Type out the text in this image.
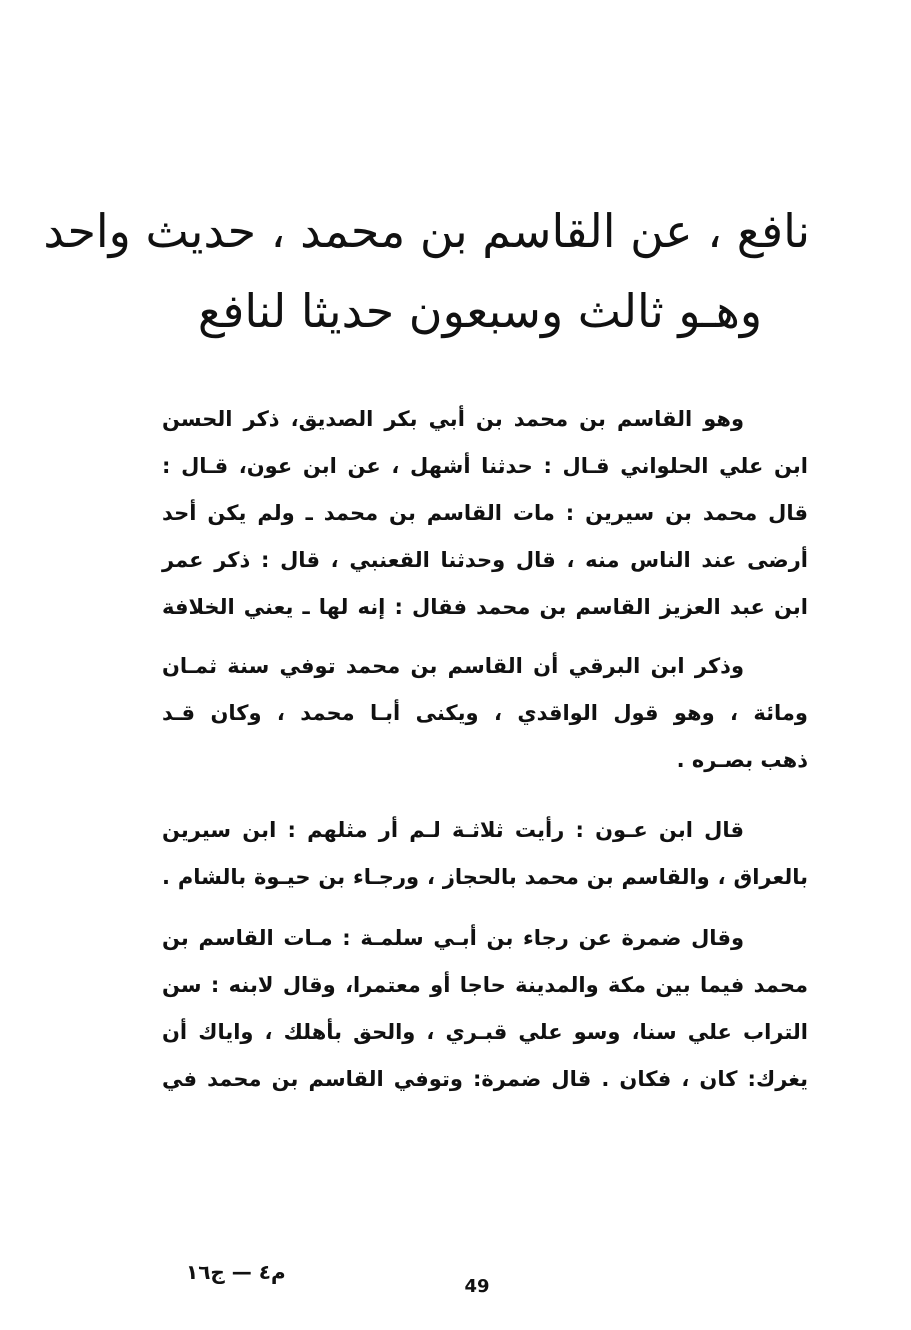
نافع ، عن القاسم بن محمد ، حديث واحد
وهـو ثالث وسبعون حديثا لنافع
وهو القاسم بن محمد بن أبي بكر الصديق، ذكر الحسن
ابن علي الحلواني قـال : حدثنا أشهل ، عن ابن عون، قـال :
قال محمد بن سيرين : مات القاسم بن محمد ـ ولم يكن أحد
أرضى عند الناس منه ، قال وحدثنا القعنبي ، قال : ذكر عمر
ابن عبد العزيز القاسم بن محمد فقال : إنه لها ـ يعني الخلافة
وذكر ابن البرقي أن القاسم بن محمد توفي سنة ثمـان
ومائة ، وهو قول الواقدي ، ويكنى أبـا محمد ، وكان قـد
ذهب بصـره .
قال ابن عـون : رأيت ثلاثـة لـم أر مثلهم : ابن سيرين
بالعراق ، والقاسم بن محمد بالحجاز ، ورجـاء بن حيـوة بالشام .
وقال ضمرة عن رجاء بن أبـي سلمـة : مـات القاسم بن
محمد فيما بين مكة والمدينة حاجا أو معتمرا، وقال لابنه : سن
التراب علي سنا، وسو علي قبـري ، والحق بأهلك ، واياك أن
يغرك: كان ، فكان . قال ضمرة: وتوفي القاسم بن محمد في
م٤ — ج١٦
49
